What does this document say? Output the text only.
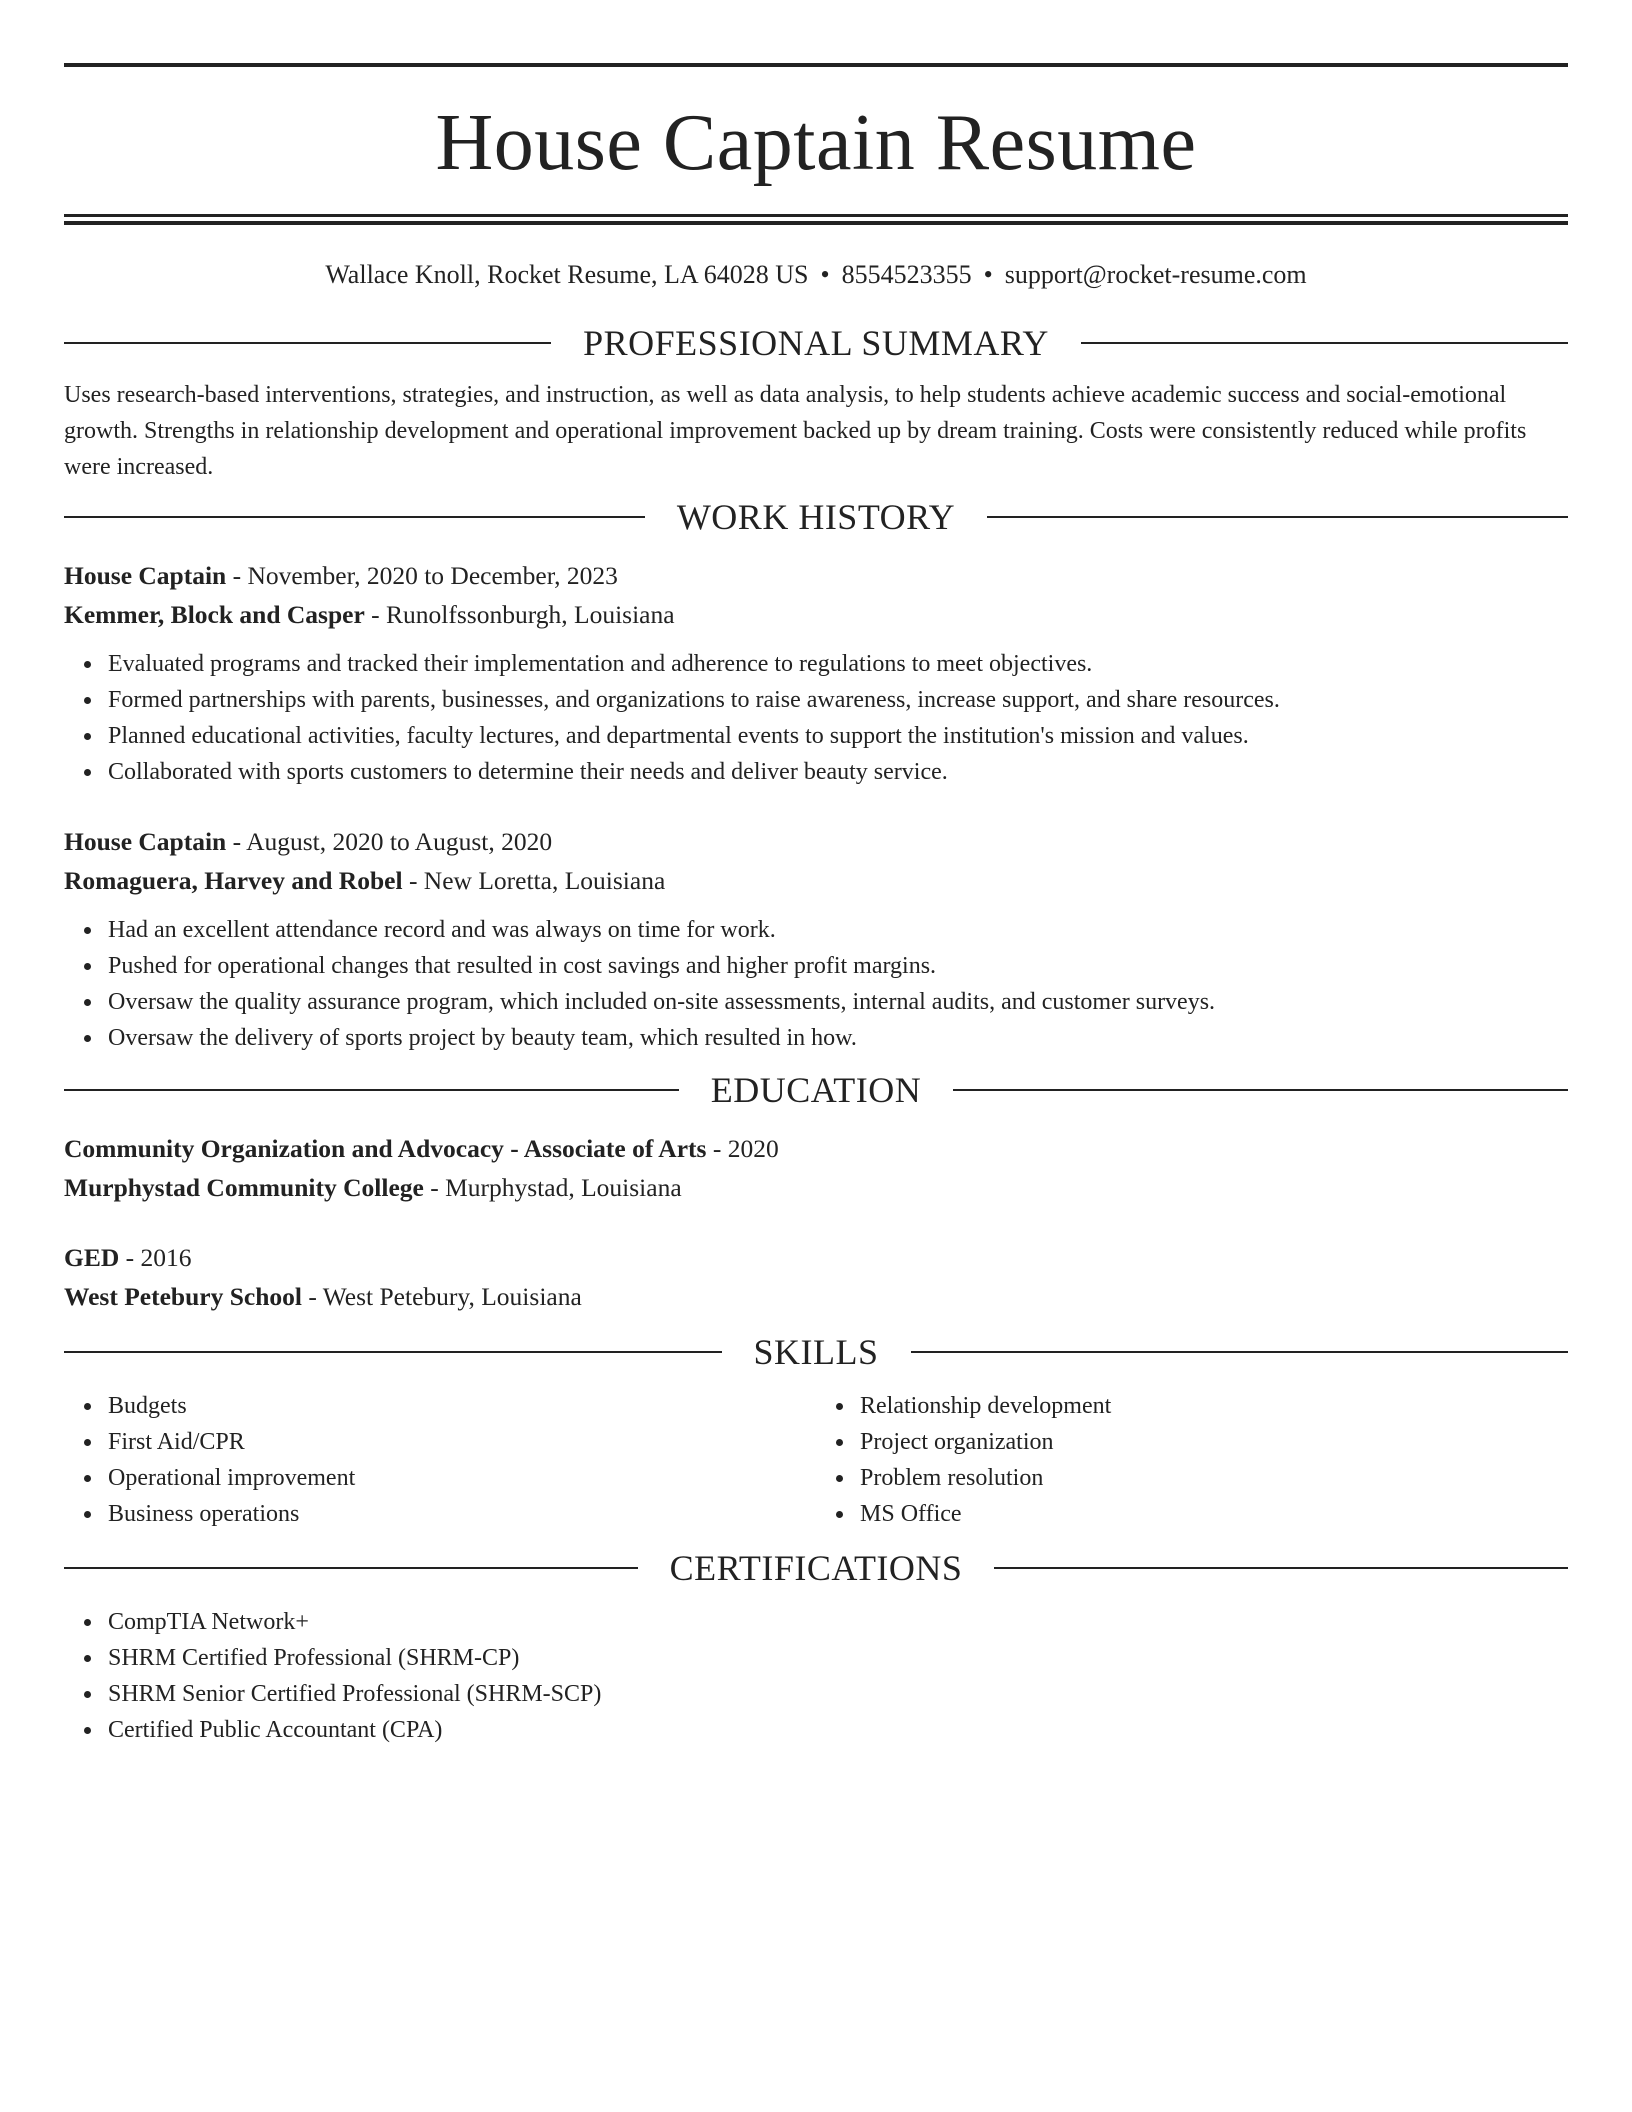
House Captain Resume
Wallace Knoll, Rocket Resume, LA 64028 US • 8554523355 • support@rocket-resume.com
PROFESSIONAL SUMMARY

Uses research-based interventions, strategies, and instruction, as well as data analysis, to help students achieve academic success and social-emotional growth. Strengths in relationship development and operational improvement backed up by dream training. Costs were consistently reduced while profits were increased.

WORK HISTORY
House Captain - November, 2020 to December, 2023
Kemmer, Block and Casper - Runolfssonburgh, Louisiana
Evaluated programs and tracked their implementation and adherence to regulations to meet objectives.
Formed partnerships with parents, businesses, and organizations to raise awareness, increase support, and share resources.
Planned educational activities, faculty lectures, and departmental events to support the institution's mission and values.
Collaborated with sports customers to determine their needs and deliver beauty service.
House Captain - August, 2020 to August, 2020
Romaguera, Harvey and Robel - New Loretta, Louisiana
Had an excellent attendance record and was always on time for work.
Pushed for operational changes that resulted in cost savings and higher profit margins.
Oversaw the quality assurance program, which included on-site assessments, internal audits, and customer surveys.
Oversaw the delivery of sports project by beauty team, which resulted in how.
EDUCATION
Community Organization and Advocacy - Associate of Arts - 2020
Murphystad Community College - Murphystad, Louisiana
GED - 2016
West Petebury School - West Petebury, Louisiana
SKILLS
Budgets
First Aid/CPR
Operational improvement
Business operations
Relationship development
Project organization
Problem resolution
MS Office
CERTIFICATIONS
CompTIA Network+
SHRM Certified Professional (SHRM-CP)
SHRM Senior Certified Professional (SHRM-SCP)
Certified Public Accountant (CPA)
